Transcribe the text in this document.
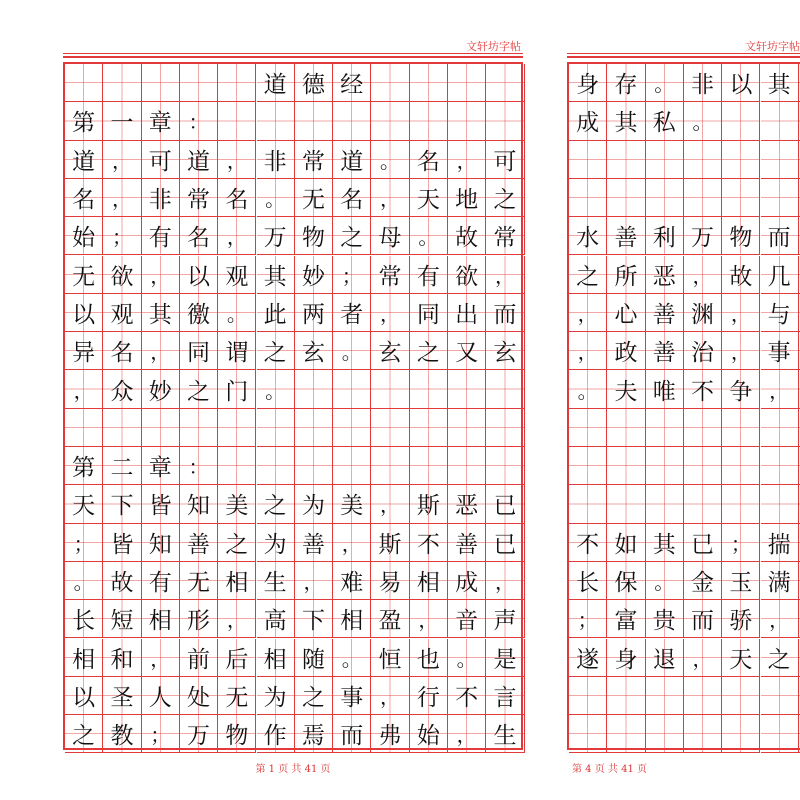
文轩坊字帖
道 德 经
第 一 章 ：
道 ， 可 道 ， 非 常 道 。 名 ， 可
名 ， 非 常 名 。 无 名 ， 天 地 之
始 ； 有 名 ， 万 物 之 母 。 故 常
无 欲 ， 以 观 其 妙 ； 常 有 欲 ，
以 观 其 徼 。 此 两 者 ， 同 出 而
异 名 ， 同 谓 之 玄 。 玄 之 又 玄
， 众 妙 之 门 。
第 二 章 ：
天 下 皆 知 美 之 为 美 ， 斯 恶 已
； 皆 知 善 之 为 善 ， 斯 不 善 已
。 故 有 无 相 生 ， 难 易 相 成 ，
长 短 相 形 ， 高 下 相 盈 ， 音 声
相 和 ， 前 后 相 随 。 恒 也 。 是
以 圣 人 处 无 为 之 事 ， 行 不 言
之 教 ； 万 物 作 焉 而 弗 始 ， 生
第 1 页 共 41 页
文轩坊字帖
身 存 。 非 以 其
成 其 私 。
水 善 利 万 物 而
之 所 恶 ， 故 几
， 心 善 渊 ， 与
， 政 善 治 ， 事
。 夫 唯 不 争 ，
不 如 其 已 ； 揣
长 保 。 金 玉 满
； 富 贵 而 骄 ，
遂 身 退 ， 天 之
第 4 页 共 41 页
